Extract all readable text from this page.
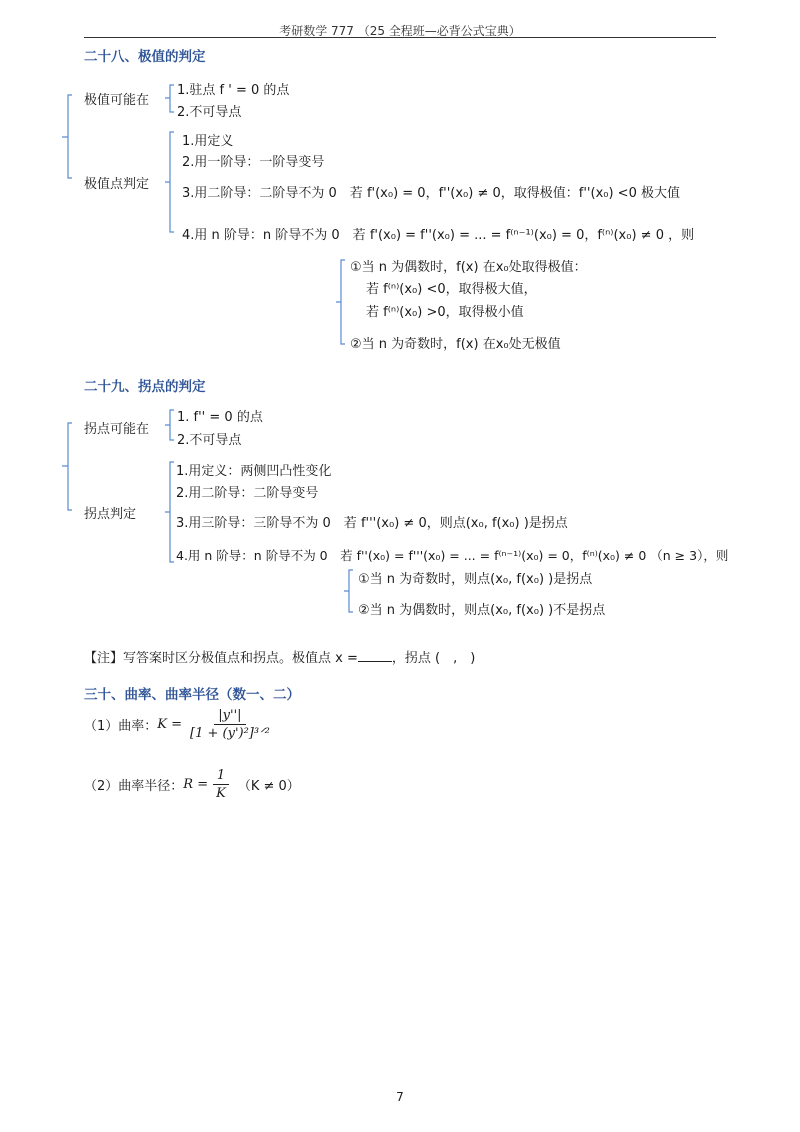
考研数学 777 （25 全程班—必背公式宝典）
二十八、极值的判定
极值可能在
1.驻点 f ' = 0 的点
2.不可导点
极值点判定
1.用定义
2.用一阶导：一阶导变号
3.用二阶导：二阶导不为 0　若 f'(x₀) = 0，f''(x₀) ≠ 0，取得极值：f''(x₀) <0 极大值
4.用 n 阶导：n 阶导不为 0　若 f'(x₀) = f''(x₀) = ... = f⁽ⁿ⁻¹⁾(x₀) = 0，f⁽ⁿ⁾(x₀) ≠ 0 ，则
①当 n 为偶数时，f(x) 在x₀处取得极值：
若 f⁽ⁿ⁾(x₀) <0，取得极大值，
若 f⁽ⁿ⁾(x₀) >0，取得极小值
②当 n 为奇数时，f(x) 在x₀处无极值
二十九、拐点的判定
拐点可能在
1. f'' = 0 的点
2.不可导点
拐点判定
1.用定义：两侧凹凸性变化
2.用二阶导：二阶导变号
3.用三阶导：三阶导不为 0　若 f'''(x₀) ≠ 0，则点(x₀, f(x₀) )是拐点
4.用 n 阶导：n 阶导不为 0　若 f''(x₀) = f'''(x₀) = ... = f⁽ⁿ⁻¹⁾(x₀) = 0，f⁽ⁿ⁾(x₀) ≠ 0 （n ≥ 3），则
①当 n 为奇数时，则点(x₀, f(x₀) )是拐点
②当 n 为偶数时，则点(x₀, f(x₀) )不是拐点
【注】写答案时区分极值点和拐点。极值点 x =	，拐点 (　,　)
三十、曲率、曲率半径（数一、二）
（1）曲率： $K = \frac{|y''|}{\text{[1 + (y')²]³ᐟ²}}$
（2）曲率半径： $R = \frac{1}{K} (K \ne 0)$
7
